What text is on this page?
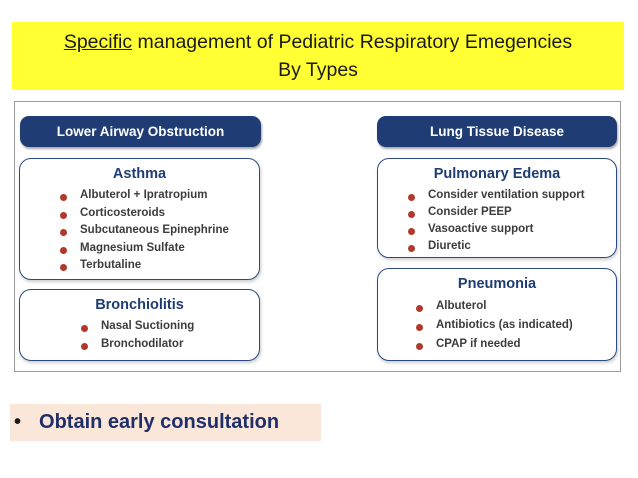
Specific management of Pediatric Respiratory Emegencies
By Types
Lower Airway Obstruction
Asthma
Albuterol + Ipratropium
Corticosteroids
Subcutaneous Epinephrine
Magnesium Sulfate
Terbutaline
Bronchiolitis
Nasal Suctioning
Bronchodilator
Lung Tissue Disease
Pulmonary Edema
Consider ventilation support
Consider PEEP
Vasoactive support
Diuretic
Pneumonia
Albuterol
Antibiotics (as indicated)
CPAP if needed
• Obtain early consultation
